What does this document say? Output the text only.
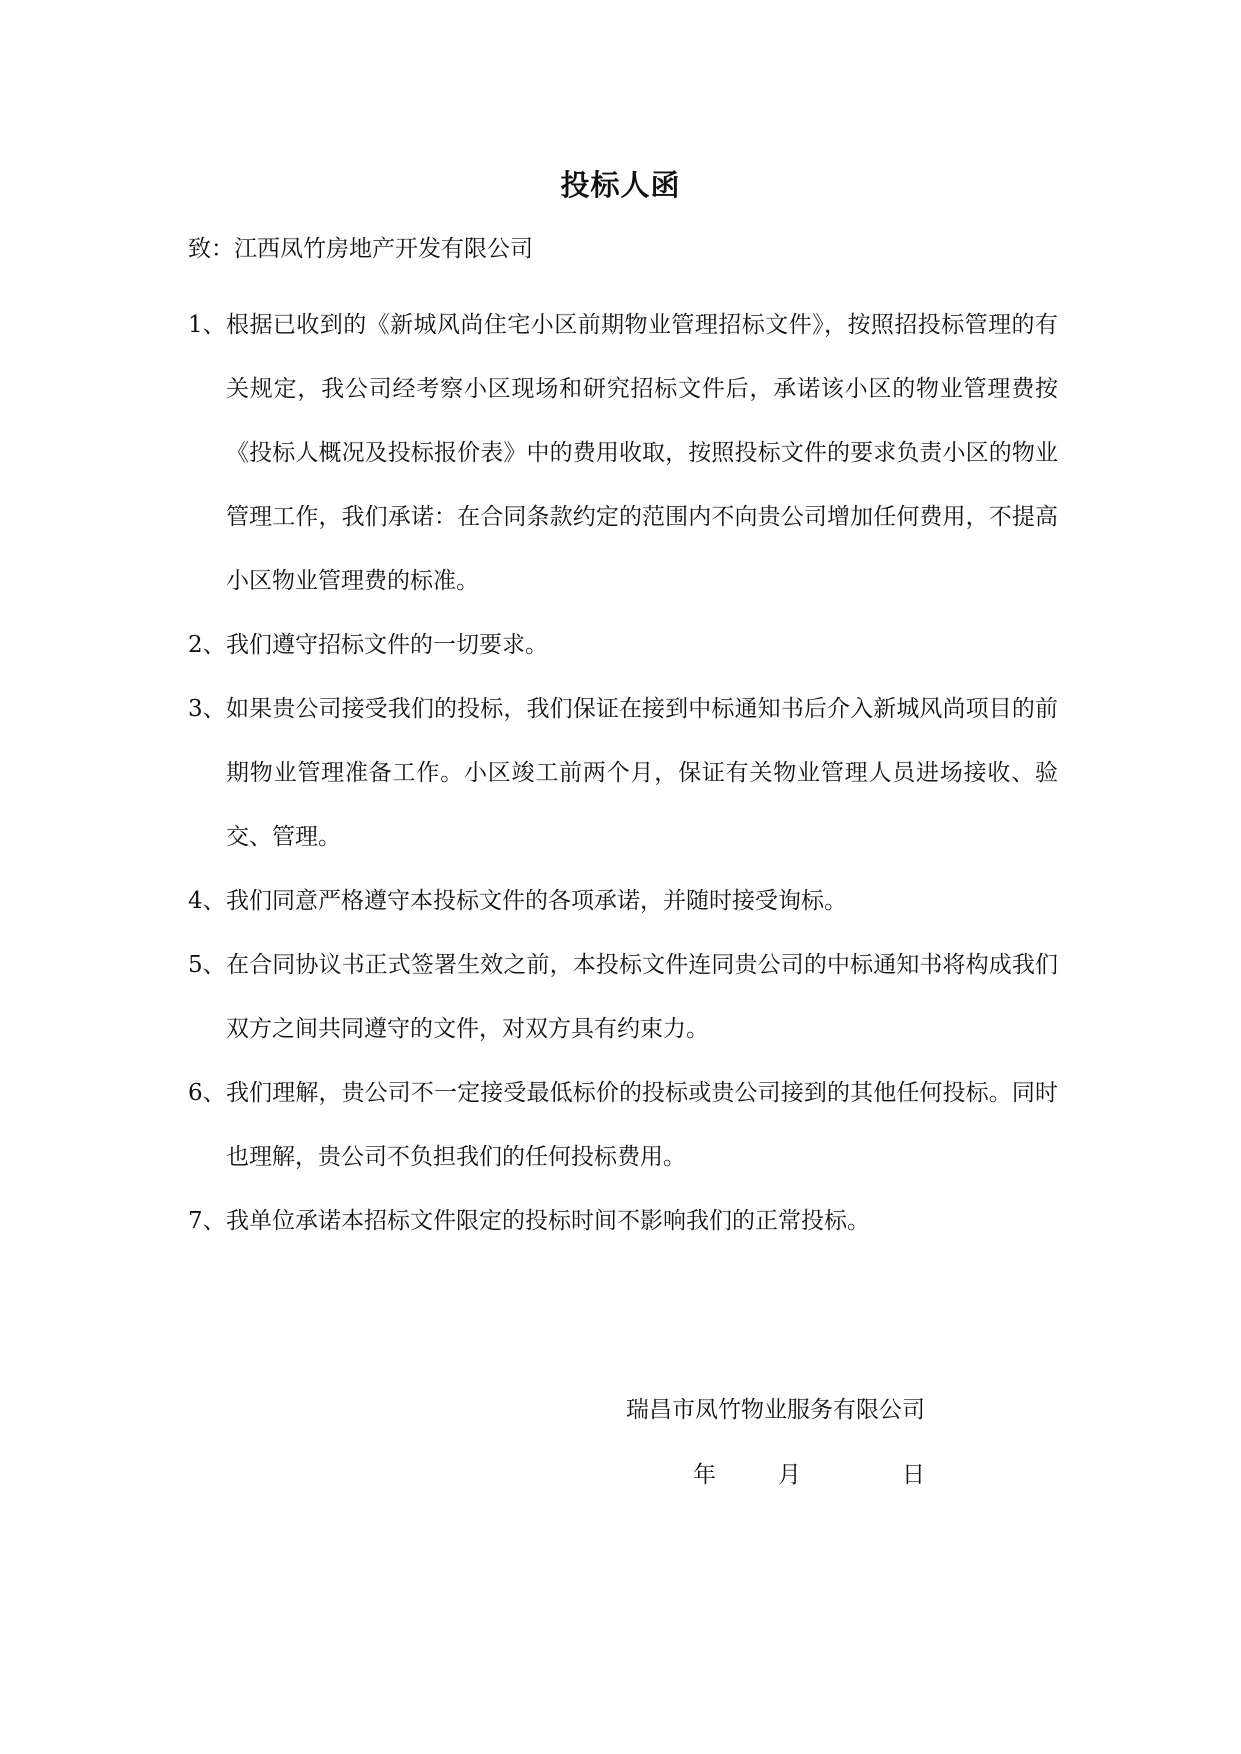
投标人函
致：江西凤竹房地产开发有限公司
1、 根据已收到的《新城风尚住宅小区前期物业管理招标文件》，按照招投标管理的有关规定，我公司经考察小区现场和研究招标文件后，承诺该小区的物业管理费按《投标人概况及投标报价表》中的费用收取，按照投标文件的要求负责小区的物业管理工作，我们承诺：在合同条款约定的范围内不向贵公司增加任何费用，不提高小区物业管理费的标准。
2、 我们遵守招标文件的一切要求。
3、 如果贵公司接受我们的投标，我们保证在接到中标通知书后介入新城风尚项目的前期物业管理准备工作。小区竣工前两个月，保证有关物业管理人员进场接收、验交、管理。
4、 我们同意严格遵守本投标文件的各项承诺，并随时接受询标。
5、 在合同协议书正式签署生效之前，本投标文件连同贵公司的中标通知书将构成我们双方之间共同遵守的文件，对双方具有约束力。
6、 我们理解，贵公司不一定接受最低标价的投标或贵公司接到的其他任何投标。同时也理解，贵公司不负担我们的任何投标费用。
7、 我单位承诺本招标文件限定的投标时间不影响我们的正常投标。
瑞昌市凤竹物业服务有限公司
年	月	日
